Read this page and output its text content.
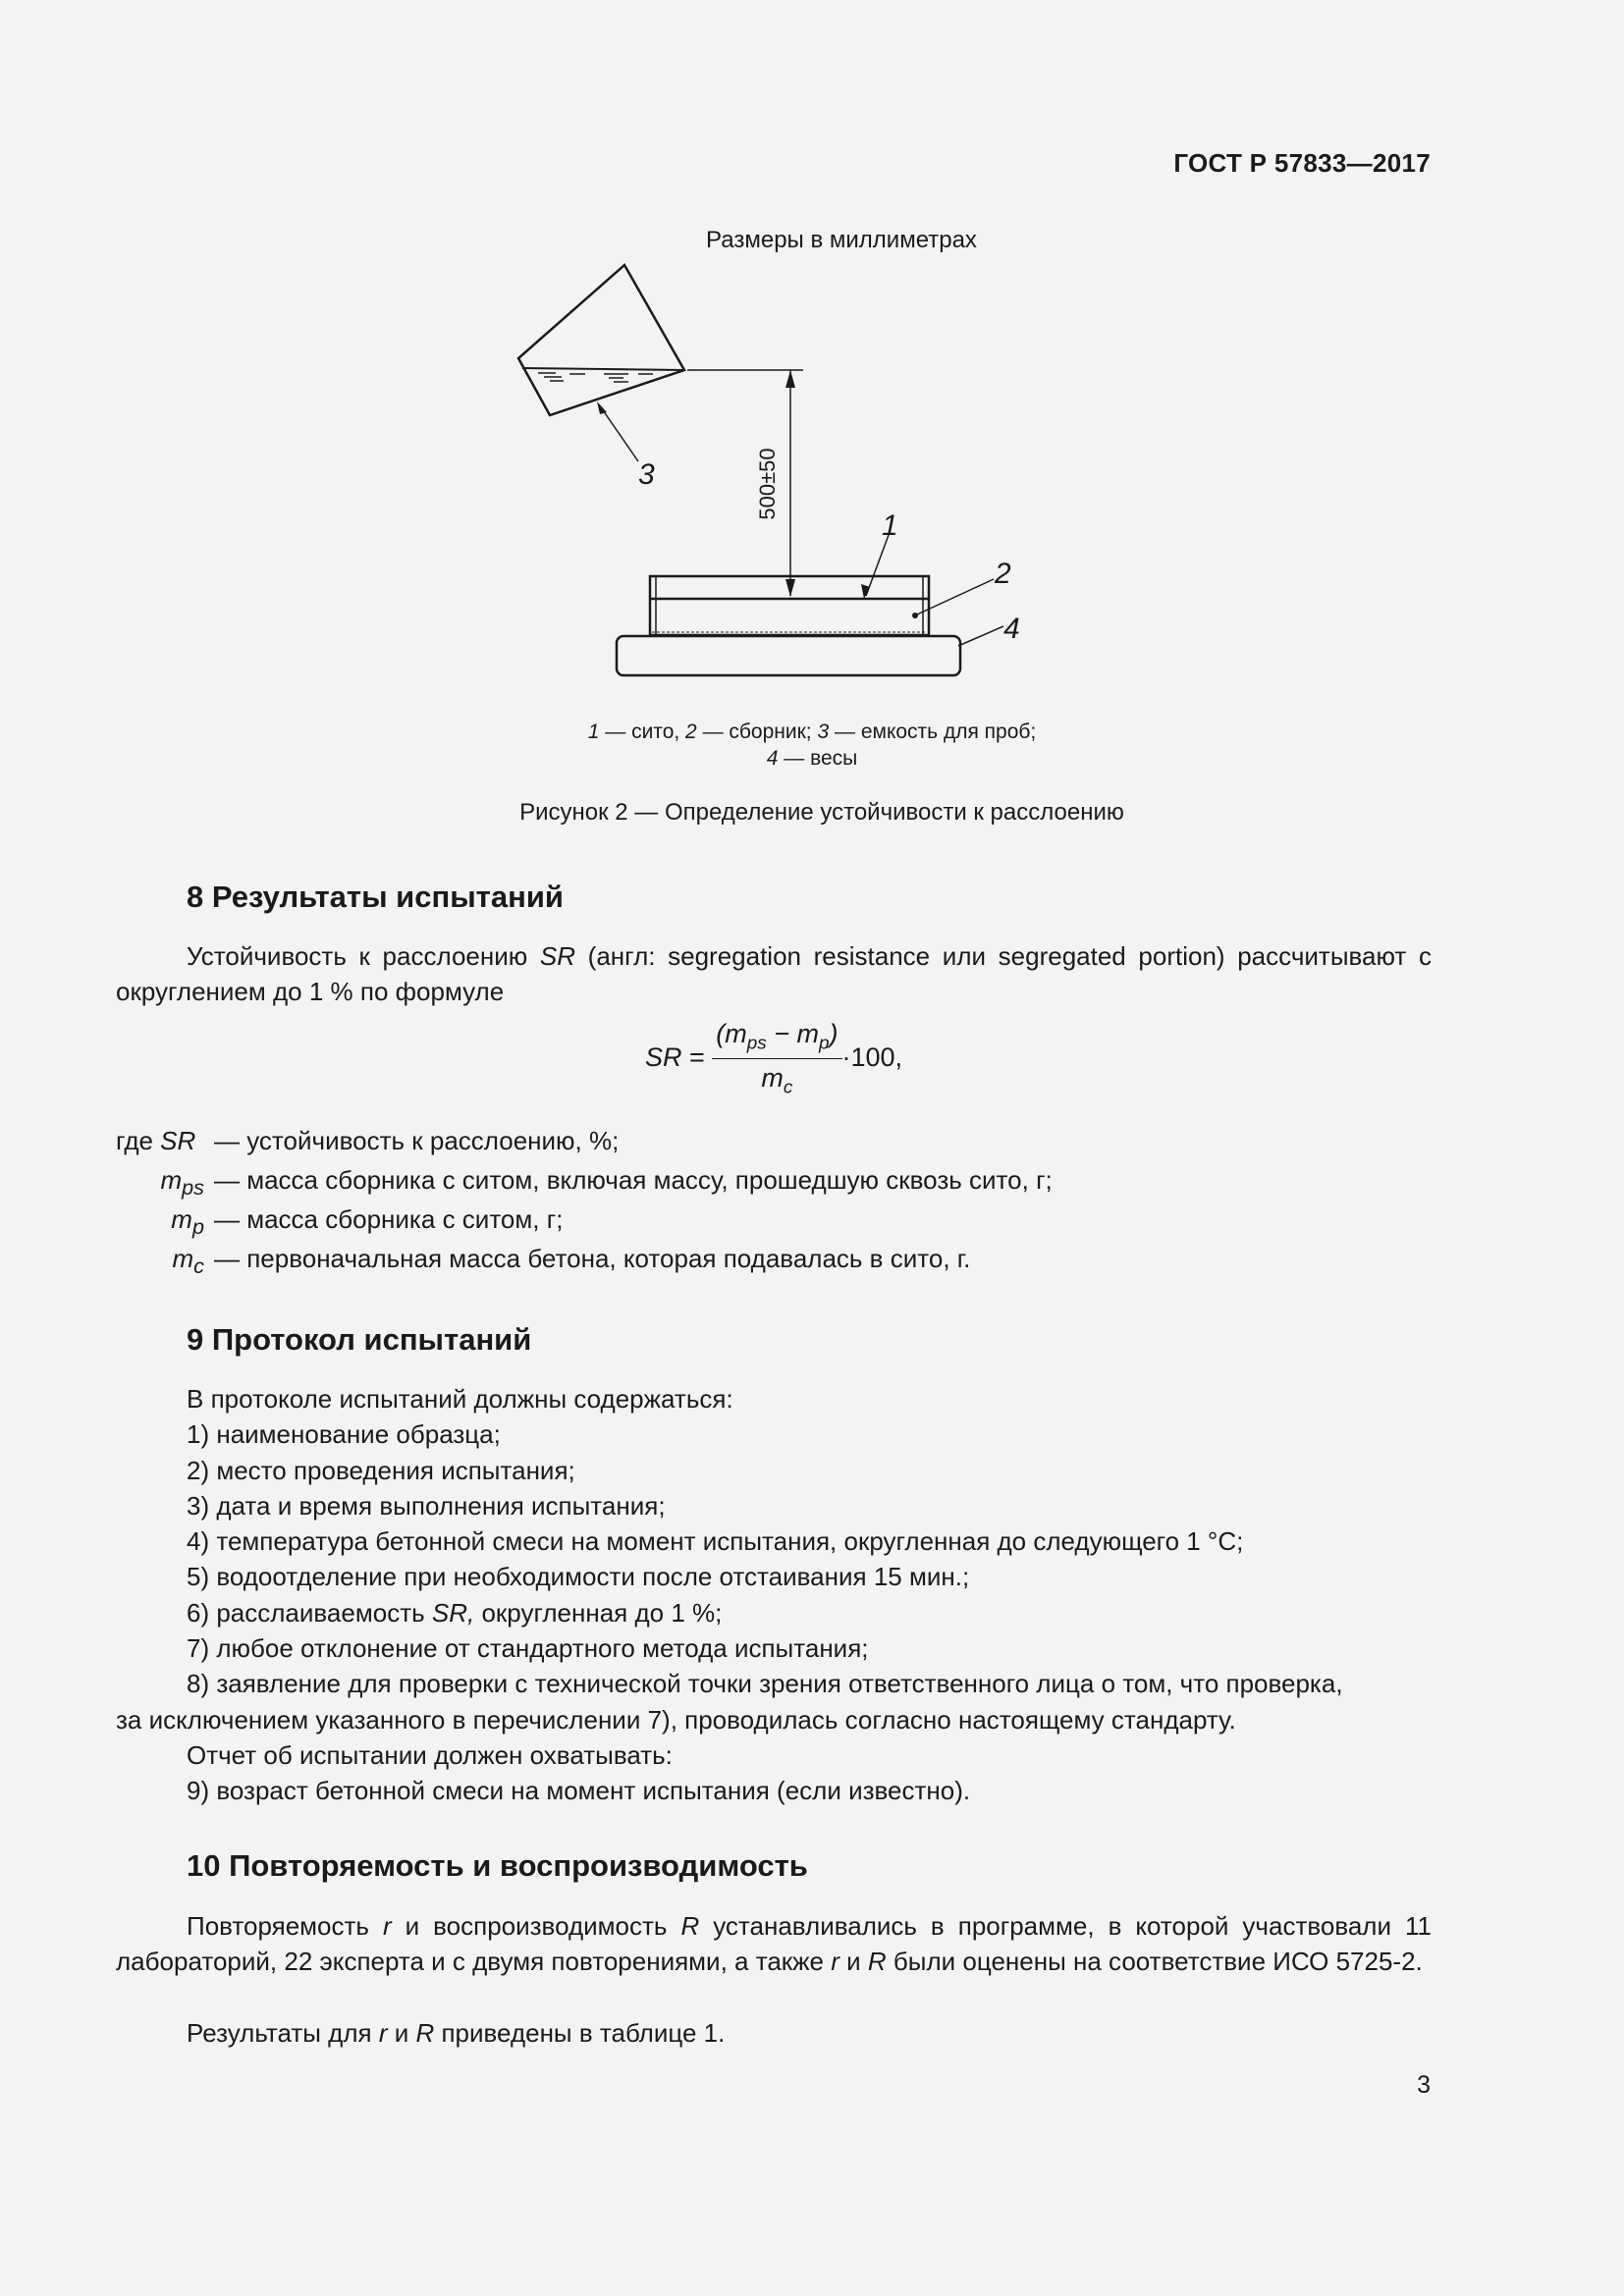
ГОСТ Р 57833—2017
Размеры в миллиметрах
3	500±50
1
2
4
1 — сито, 2 — сборник; 3 — емкость для проб;
4 — весы
Рисунок 2 — Определение устойчивости к расслоению
8 Результаты испытаний
Устойчивость к расслоению SR (англ: segregation resistance или segregated portion) рассчитывают с округлением до 1 % по формуле
SR = $\frac{(m_{ps} - m_p)}{m_c} \cdot 100$,
где SR — устойчивость к расслоению, %;
$m_{ps}$ — масса сборника с ситом, включая массу, прошедшую сквозь сито, г;
$m_p$ — масса сборника с ситом, г;
$m_c$ — первоначальная масса бетона, которая подавалась в сито, г.
9 Протокол испытаний
В протоколе испытаний должны содержаться:
1) наименование образца;
2) место проведения испытания;
3) дата и время выполнения испытания;
4) температура бетонной смеси на момент испытания, округленная до следующего 1 °C;
5) водоотделение при необходимости после отстаивания 15 мин.;
6) расслаиваемость SR, округленная до 1 %;
7) любое отклонение от стандартного метода испытания;
8) заявление для проверки с технической точки зрения ответственного лица о том, что проверка,
за исключением указанного в перечислении 7), проводилась согласно настоящему стандарту.
Отчет об испытании должен охватывать:
9) возраст бетонной смеси на момент испытания (если известно).
10 Повторяемость и воспроизводимость
Повторяемость r и воспроизводимость R устанавливались в программе, в которой участвовали 11 лабораторий, 22 эксперта и с двумя повторениями, а также r и R были оценены на соответствие ИСО 5725-2.
Результаты для r и R приведены в таблице 1.
3
